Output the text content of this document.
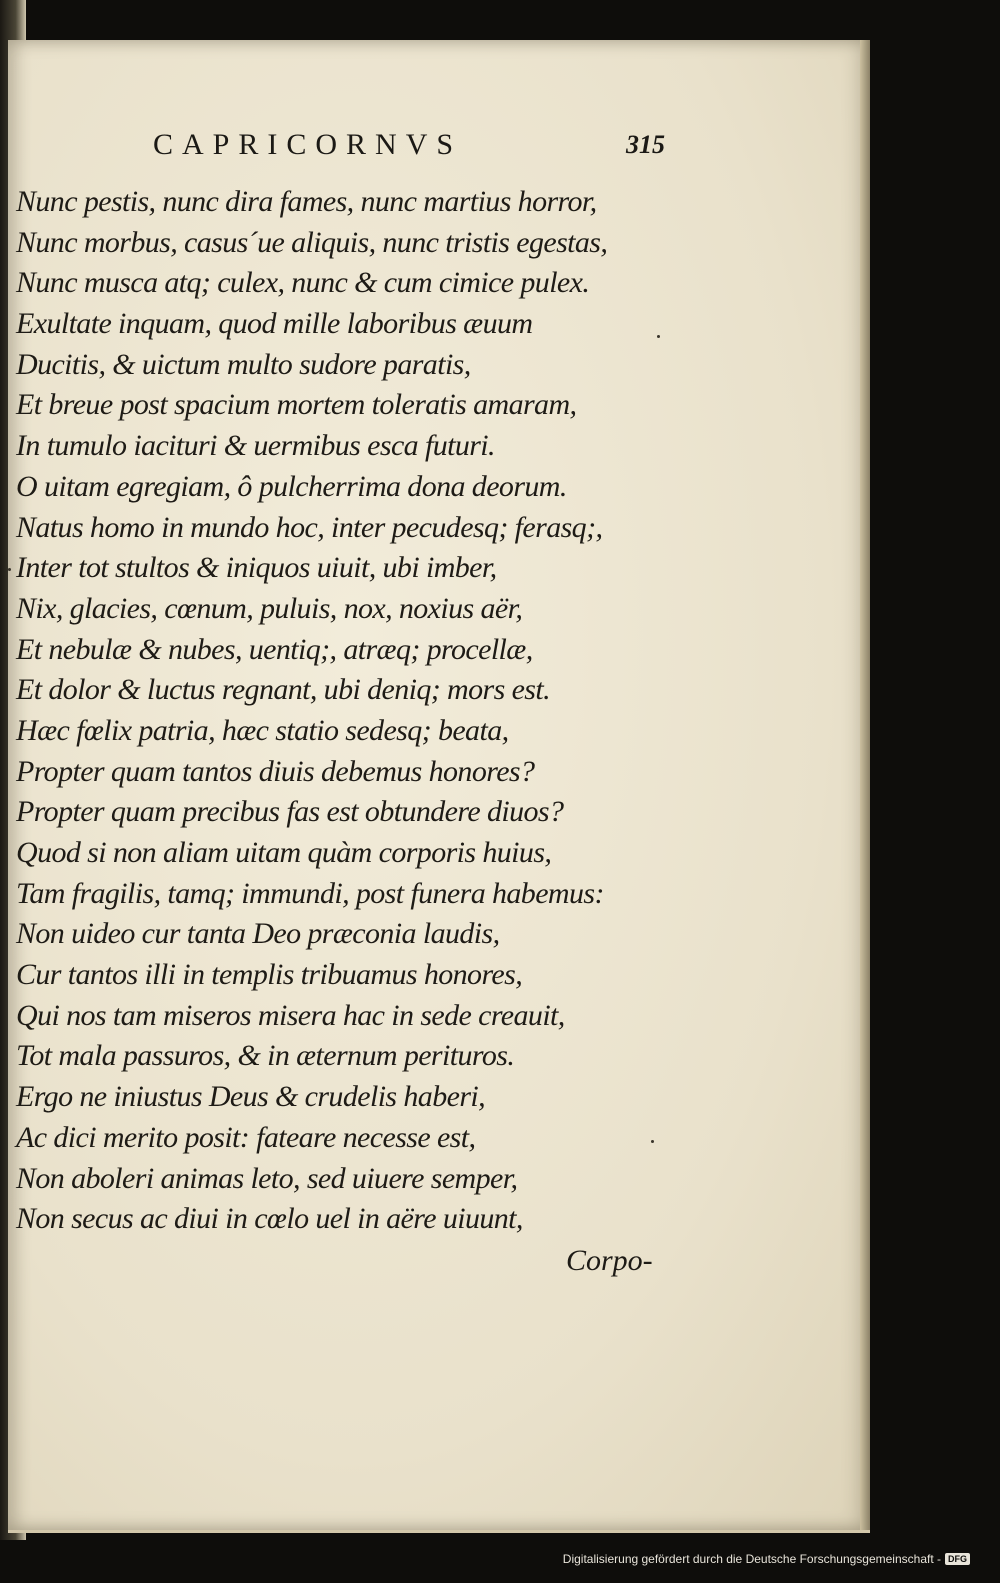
CAPRICORNVS	315
Nunc pestis, nunc dira fames, nunc martius horror,
Nunc morbus, casus´ue aliquis, nunc tristis egestas,
Nunc musca atq; culex, nunc & cum cimice pulex.
Exultate inquam, quod mille laboribus æuum
Ducitis, & uictum multo sudore paratis,
Et breue post spacium mortem toleratis amaram,
In tumulo iacituri & uermibus esca futuri.
O uitam egregiam, ô pulcherrima dona deorum.
Natus homo in mundo hoc, inter pecudesq; ferasq;,
Inter tot stultos & iniquos uiuit, ubi imber,
Nix, glacies, cœnum, puluis, nox, noxius aër,
Et nebulæ & nubes, uentiq;, atræq; procellæ,
Et dolor & luctus regnant, ubi deniq; mors est.
Hæc fœlix patria, hæc statio sedesq; beata,
Propter quam tantos diuis debemus honores?
Propter quam precibus fas est obtundere diuos?
Quod si non aliam uitam quàm corporis huius,
Tam fragilis, tamq; immundi, post funera habemus:
Non uideo cur tanta Deo præconia laudis,
Cur tantos illi in templis tribuamus honores,
Qui nos tam miseros misera hac in sede creauit,
Tot mala passuros, & in æternum perituros.
Ergo ne iniustus Deus & crudelis haberi,
Ac dici merito posit: fateare necesse est,
Non aboleri animas leto, sed uiuere semper,
Non secus ac diui in cœlo uel in aëre uiuunt,
Corpo-
Digitalisierung gefördert durch die Deutsche Forschungsgemeinschaft - DFG
